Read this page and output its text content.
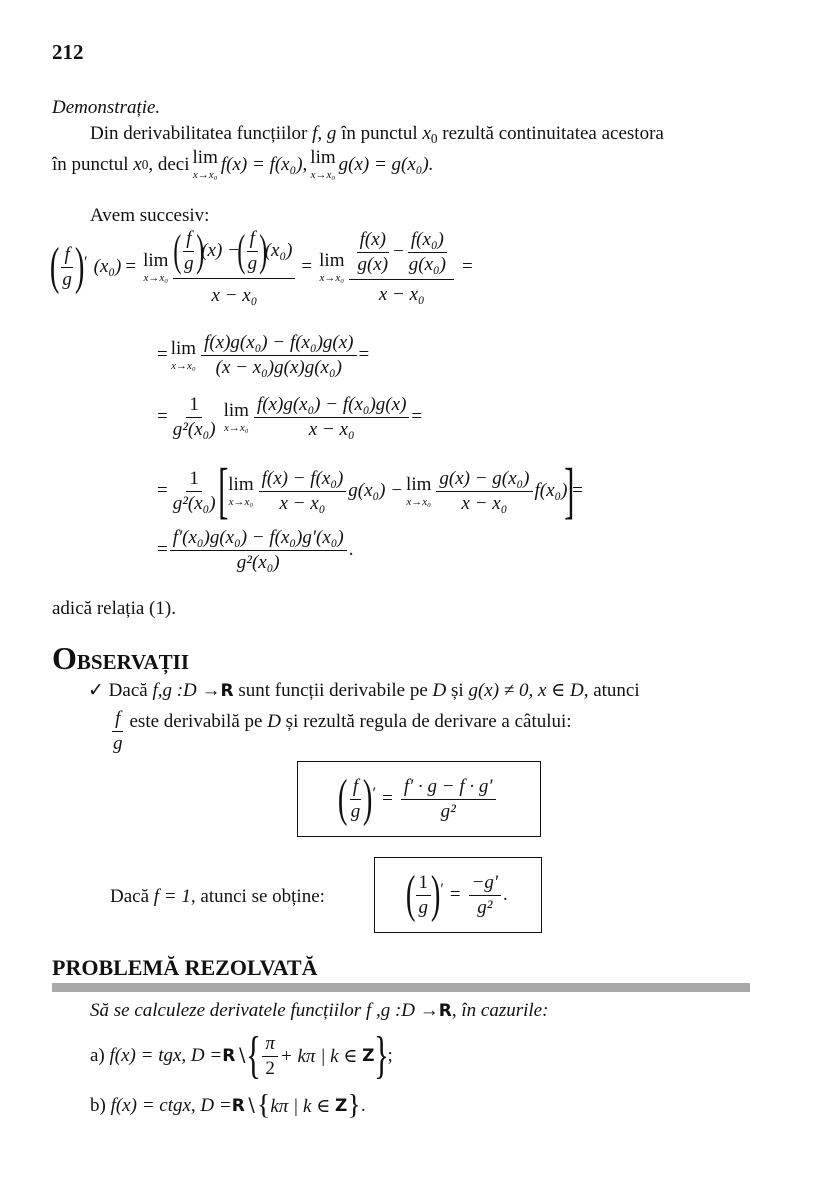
212
Demonstrație.
Din derivabilitatea funcțiilor f, g în punctul $x_0$ rezultă continuitatea acestora
în punctul
x 0 , deci lim
x→x₀
f(x) = f(x₀), lim
x→x₀
g(x) = g(x₀).
Avem succesiv:
( $\frac{f}{g}$ ) ′ (x₀) = lim
x→x₀ ( $\frac{f}{g}$ )
(x) −
( $\frac{f}{g}$ )
(x₀)
x − x₀ = lim
$x\to x_0 \frac{\frac{f(x)}{g(x)} - \frac{\text{f(x₀)}}{\text{g(x₀)}}}{\text{x − x₀}}$ =
= lim
$x\to x_0 \frac{\text{f(x)g(x₀) − f(x₀)g(x)}}{\text{(x − x₀)g(x)g(x₀)}}$ =
= $\frac{1}{\text{g²(x₀)}}$ lim
$x\to x_0 \frac{\text{f(x)g(x₀) − f(x₀)g(x)}}{\text{x − x₀}}$ =
= $\frac{1}{\text{g²(x₀)}}$ [ lim
$x\to x_0 \frac{\text{f(x) − f(x₀)}}{\text{x − x₀}} g(x_0) - \lim$
$x\to x_0 \frac{\text{g(x) − g(x₀)}}{\text{x − x₀}} f(x_0)$
]
=
= $\frac{\text{f′(x₀)g(x₀) − f(x₀)g′(x₀)}}{\text{g²(x₀)}}$ .
adică relația (1).
OBSERVAȚII
✓ Dacă f,g :D →R sunt funcții derivabile pe D și g(x) ≠ 0, x ∈ D, atunci
$\frac{f}{g}$ este derivabilă pe D și rezultă regula de derivare a câtului:
( $\frac{f}{g}$ ) ′ = $\frac{f' \cdot g - f \cdot g'}{\text{g²}}$
Dacă f = 1, atunci se obține: ( $\frac{1}{g}$ ) ′ = $\frac{-g'}{\text{g²}}$ .
PROBLEMĂ REZOLVATĂ
Să se calculeze derivatele funcțiilor f ,g :D →R, în cazurile:
a)
f(x) = tgx, D = R ∖
{ $\frac{\pi}{2} + k\pi$ | k ∈
Z
}
;
b)
f(x) = ctgx, D = R ∖ { kπ | k ∈
Z } .
